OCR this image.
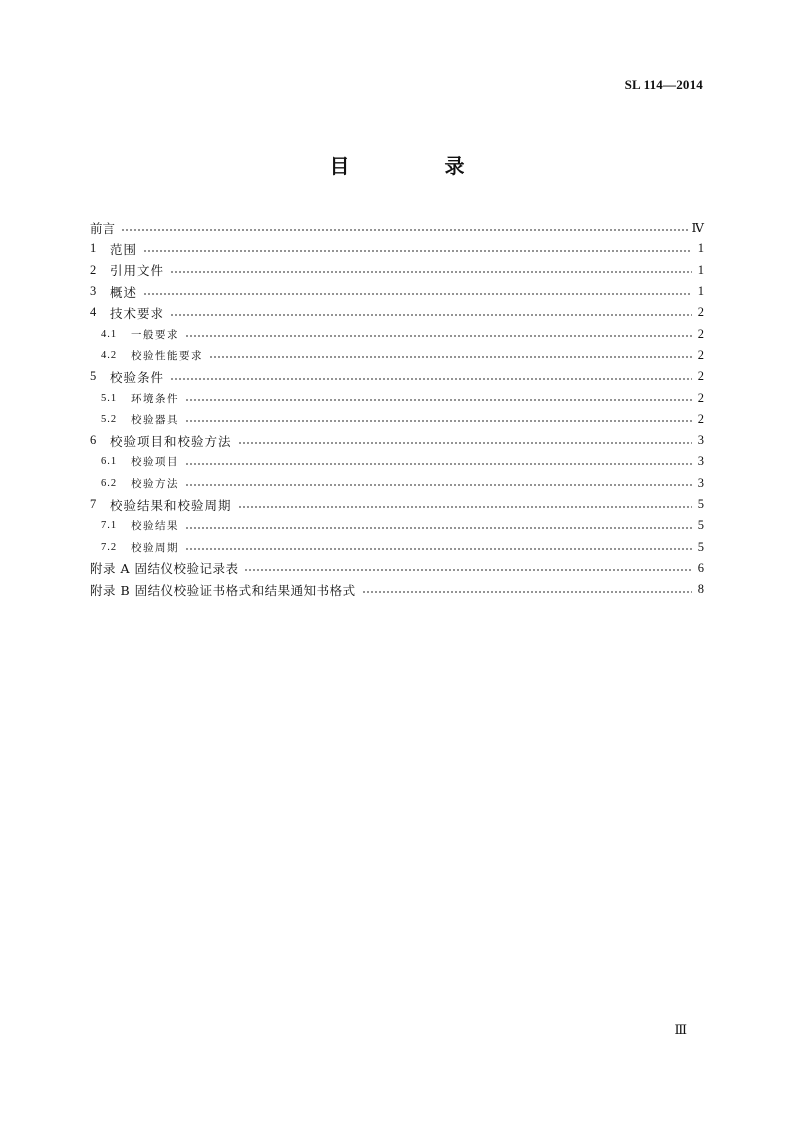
SL 114—2014
目 录
前言	Ⅳ
1	范围	1
2	引用文件	1
3	概述	1
4	技术要求	2
4.1	一般要求	2
4.2	校验性能要求	2
5	校验条件	2
5.1	环境条件	2
5.2	校验器具	2
6	校验项目和校验方法	3
6.1	校验项目	3
6.2	校验方法	3
7	校验结果和校验周期	5
7.1	校验结果	5
7.2	校验周期	5
附录 A 固结仪校验记录表	6
附录 B 固结仪校验证书格式和结果通知书格式	8
Ⅲ
